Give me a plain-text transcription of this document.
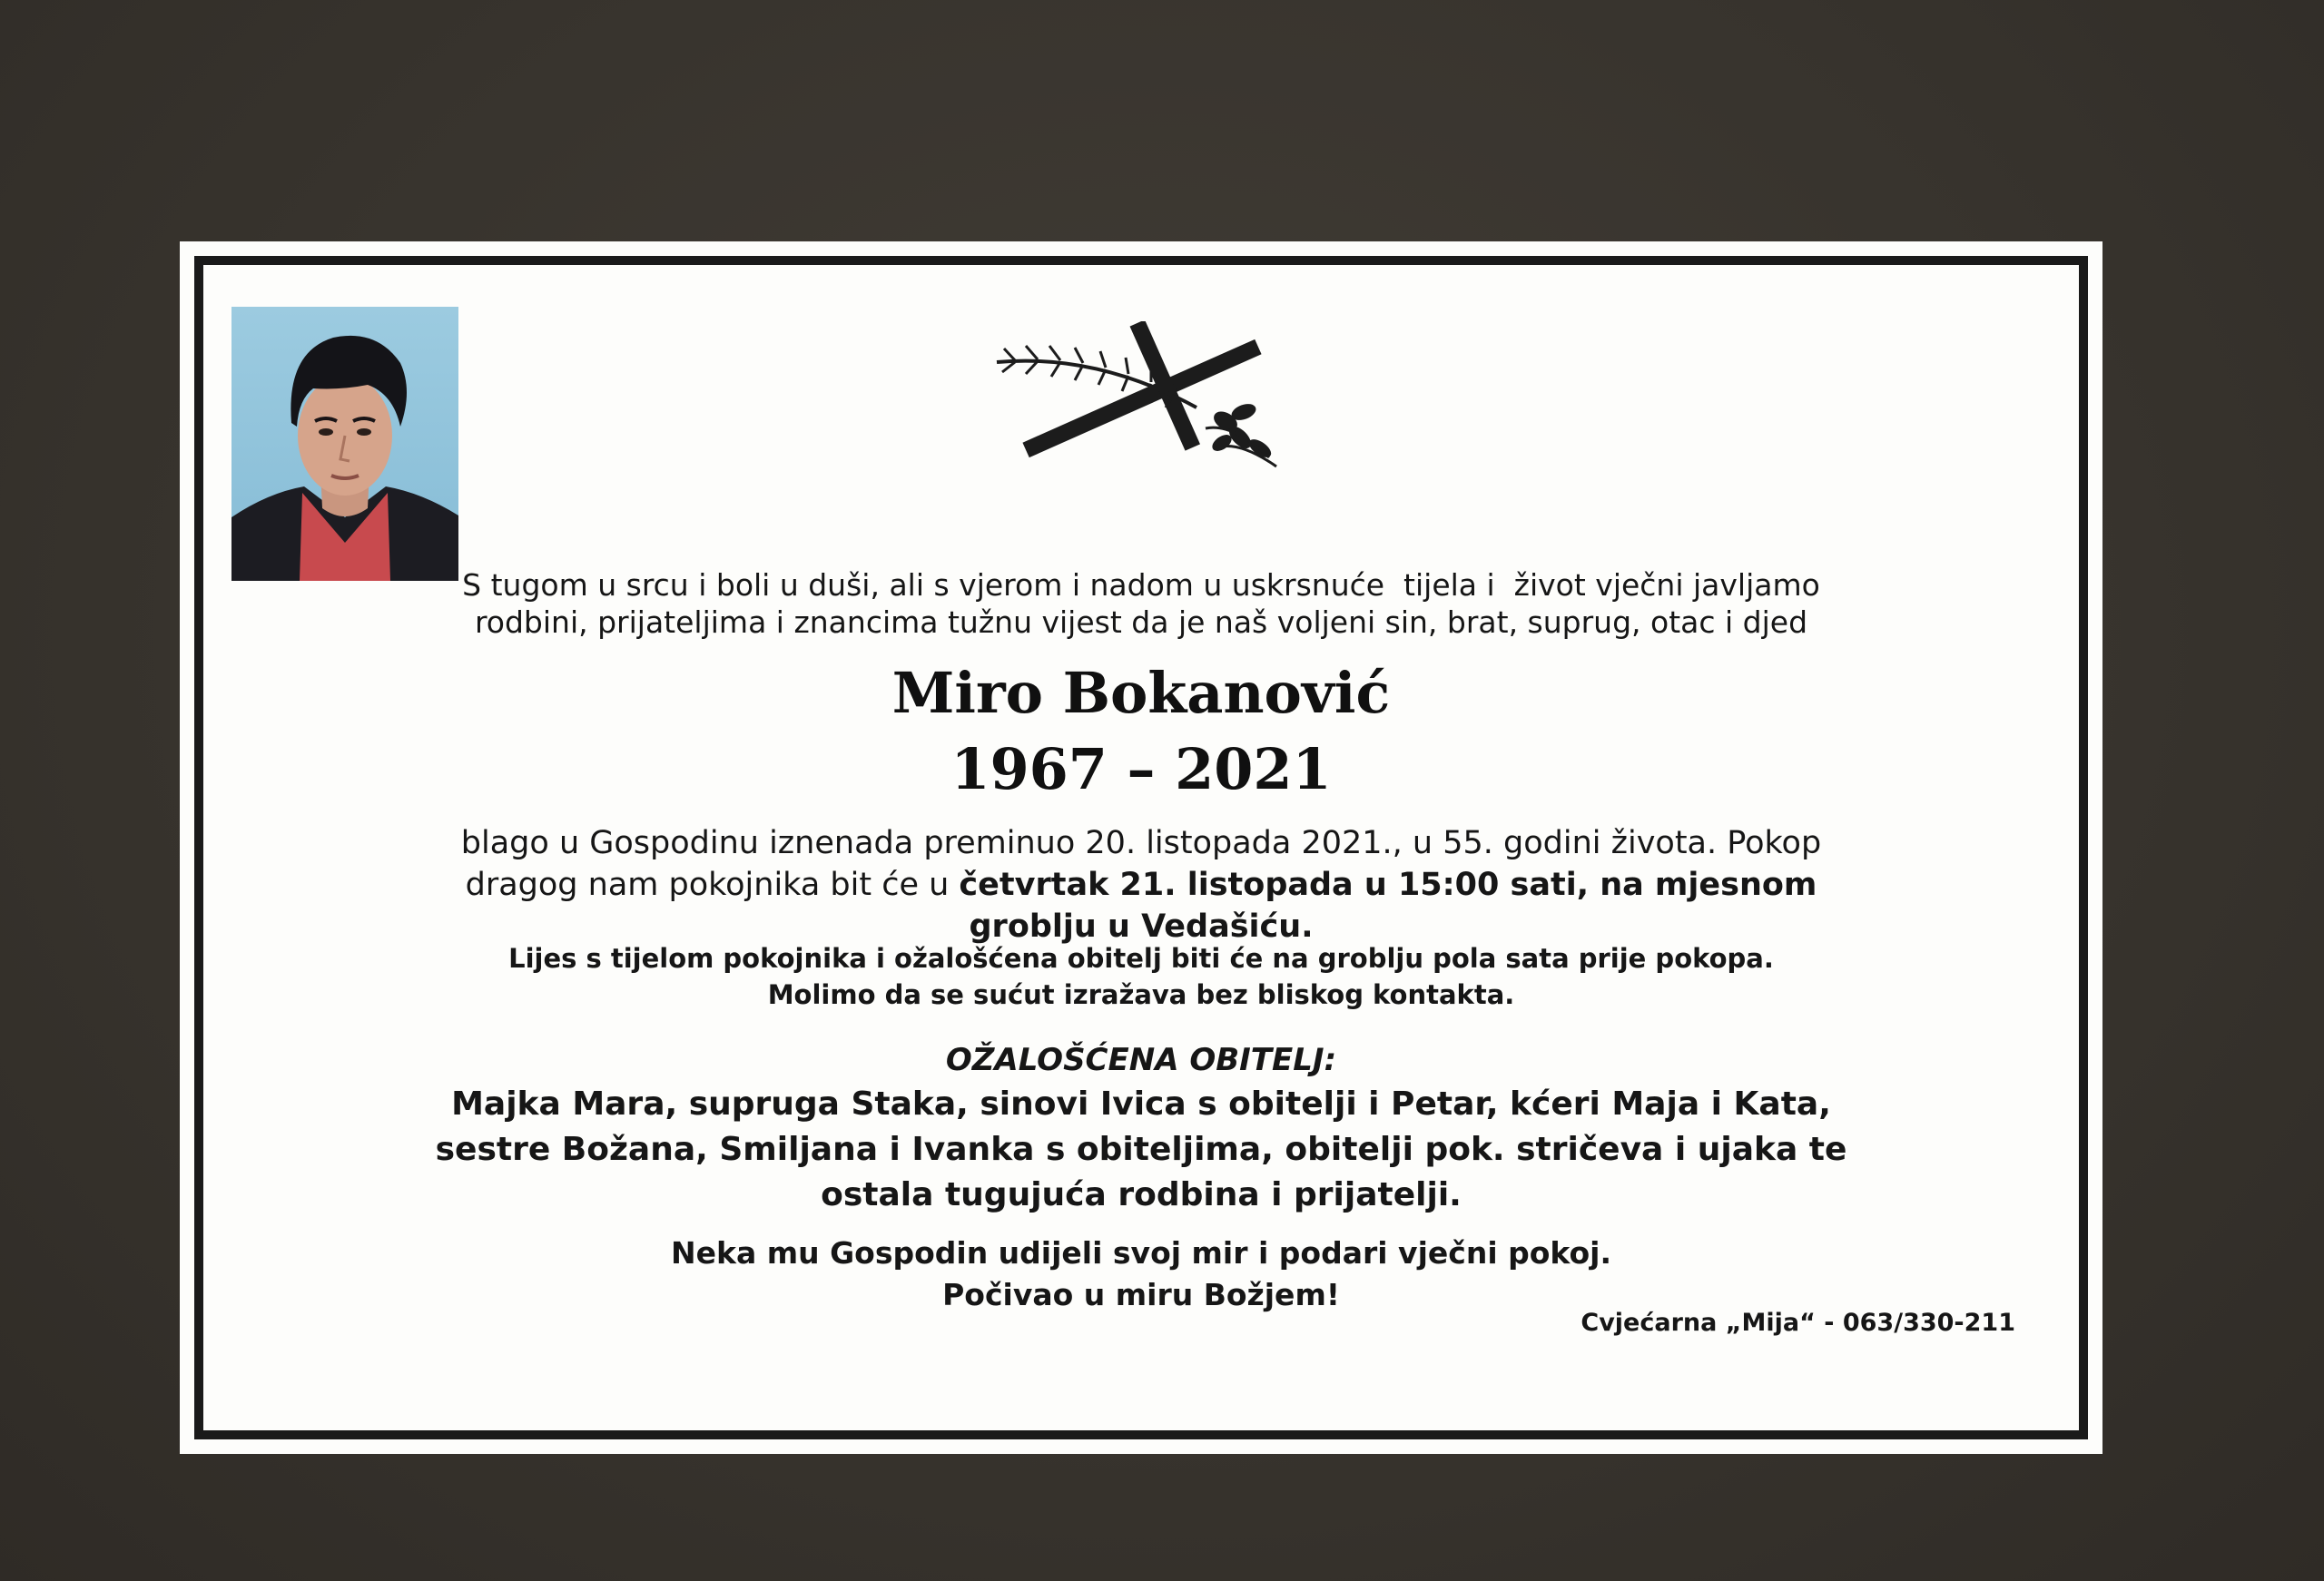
S tugom u srcu i boli u duši, ali s vjerom i nadom u uskrsnuće  tijela i  život vječni javljamo
rodbini, prijateljima i znancima tužnu vijest da je naš voljeni sin, brat, suprug, otac i djed
Miro Bokanović
1967 – 2021
blago u Gospodinu iznenada preminuo 20. listopada 2021., u 55. godini života. Pokop
dragog nam pokojnika bit će u četvrtak 21. listopada u 15:00 sati, na mjesnom
groblju u Vedašiću.
Lijes s tijelom pokojnika i ožalošćena obitelj biti će na groblju pola sata prije pokopa.
Molimo da se sućut izražava bez bliskog kontakta.
OŽALOŠĆENA OBITELJ:
Majka Mara, supruga Staka, sinovi Ivica s obitelji i Petar, kćeri Maja i Kata,
sestre Božana, Smiljana i Ivanka s obiteljima, obitelji pok. stričeva i ujaka te
ostala tugujuća rodbina i prijatelji.
Neka mu Gospodin udijeli svoj mir i podari vječni pokoj.
Počivao u miru Božjem!
Cvjećarna „Mija“ - 063/330-211
